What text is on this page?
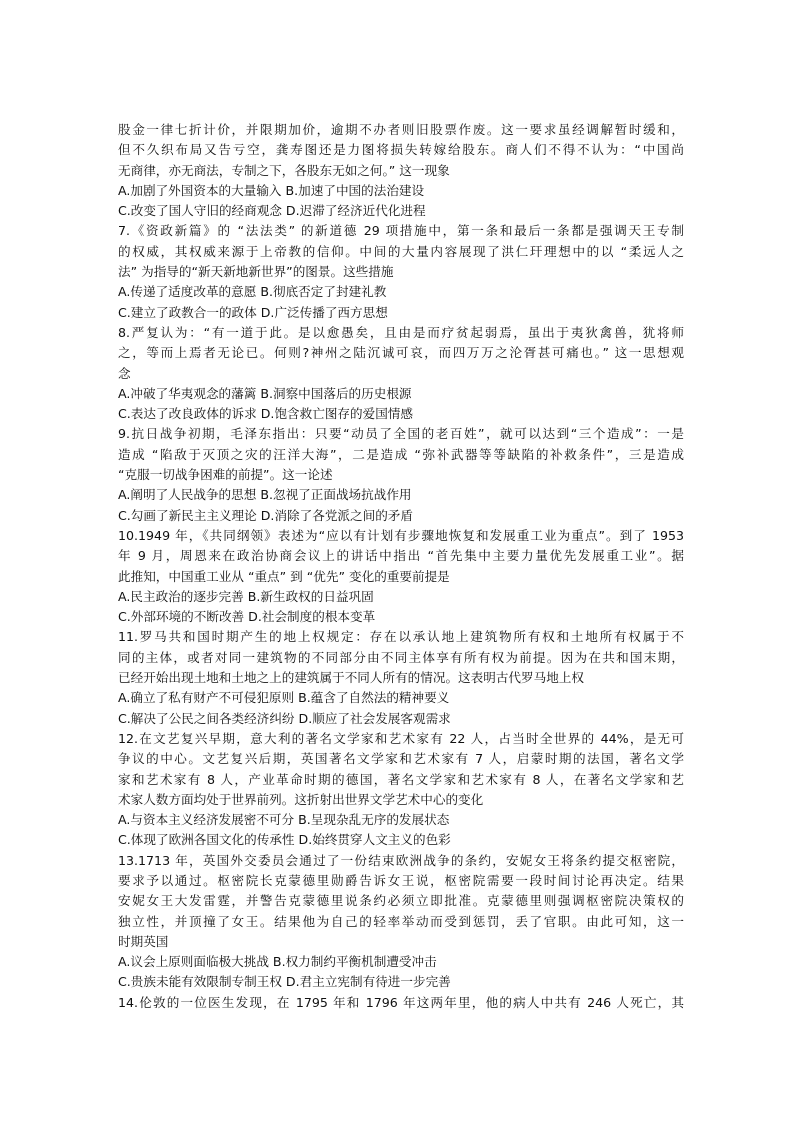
股金一律七折计价，并限期加价，逾期不办者则旧股票作废。这一要求虽经调解暂时缓和，
但不久织布局又告亏空，龚寿图还是力图将损失转嫁给股东。商人们不得不认为：“中国尚
无商律，亦无商法，专制之下，各股东无如之何。” 这一现象
A.加剧了外国资本的大量输入 B.加速了中国的法治建设
C.改变了国人守旧的经商观念 D.迟滞了经济近代化进程
7.《资政新篇》的 “法法类” 的新道德 29 项措施中，第一条和最后一条都是强调天王专制
的权威，其权威来源于上帝教的信仰。中间的大量内容展现了洪仁玕理想中的以 “柔远人之
法” 为指导的“新天新地新世界”的图景。这些措施
A.传递了适度改革的意愿 B.彻底否定了封建礼教
C.建立了政教合一的政体 D.广泛传播了西方思想
8.严复认为：“有一道于此。是以愈愚矣，且由是而疗贫起弱焉，虽出于夷狄禽兽，犹将师
之，等而上焉者无论已。何则?神州之陆沉诚可哀，而四万万之沦胥甚可痛也。” 这一思想观
念
A.冲破了华夷观念的藩篱 B.洞察中国落后的历史根源
C.表达了改良政体的诉求 D.饱含救亡图存的爱国情感
9.抗日战争初期，毛泽东指出：只要“动员了全国的老百姓”，就可以达到“三个造成”：一是
造成 “陷敌于灭顶之灾的汪洋大海”，二是造成 “弥补武器等等缺陷的补救条件”，三是造成
“克服一切战争困难的前提”。这一论述
A.阐明了人民战争的思想 B.忽视了正面战场抗战作用
C.勾画了新民主主义理论 D.消除了各党派之间的矛盾
10.1949 年，《共同纲领》表述为“应以有计划有步骤地恢复和发展重工业为重点”。到了 1953
年 9 月，周恩来在政治协商会议上的讲话中指出 “首先集中主要力量优先发展重工业”。据
此推知，中国重工业从 “重点” 到 “优先” 变化的重要前提是
A.民主政治的逐步完善 B.新生政权的日益巩固
C.外部环境的不断改善 D.社会制度的根本变革
11.罗马共和国时期产生的地上权规定：存在以承认地上建筑物所有权和土地所有权属于不
同的主体，或者对同一建筑物的不同部分由不同主体享有所有权为前提。因为在共和国末期，
已经开始出现土地和土地之上的建筑属于不同人所有的情况。这表明古代罗马地上权
A.确立了私有财产不可侵犯原则 B.蕴含了自然法的精神要义
C.解决了公民之间各类经济纠纷 D.顺应了社会发展客观需求
12.在文艺复兴早期，意大利的著名文学家和艺术家有 22 人，占当时全世界的 44%，是无可
争议的中心。文艺复兴后期，英国著名文学家和艺术家有 7 人，启蒙时期的法国，著名文学
家和艺术家有 8 人，产业革命时期的德国，著名文学家和艺术家有 8 人，在著名文学家和艺
术家人数方面均处于世界前列。这折射出世界文学艺术中心的变化
A.与资本主义经济发展密不可分 B.呈现杂乱无序的发展状态
C.体现了欧洲各国文化的传承性 D.始终贯穿人文主义的色彩
13.1713 年，英国外交委员会通过了一份结束欧洲战争的条约，安妮女王将条约提交枢密院，
要求予以通过。枢密院长克蒙德里勋爵告诉女王说，枢密院需要一段时间讨论再决定。结果
安妮女王大发雷霆，并警告克蒙德里说条约必须立即批准。克蒙德里则强调枢密院决策权的
独立性，并顶撞了女王。结果他为自己的轻率举动而受到惩罚，丢了官职。由此可知，这一
时期英国
A.议会上原则面临极大挑战 B.权力制约平衡机制遭受冲击
C.贵族未能有效限制专制王权 D.君主立宪制有待进一步完善
14.伦敦的一位医生发现，在 1795 年和 1796 年这两年里，他的病人中共有 246 人死亡，其
